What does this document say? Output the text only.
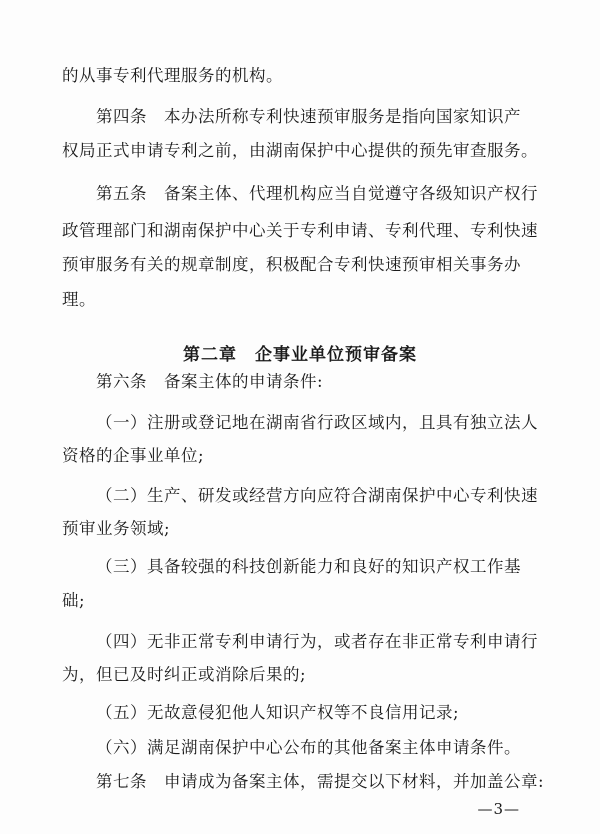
的从事专利代理服务的机构。
第四条　本办法所称专利快速预审服务是指向国家知识产
权局正式申请专利之前，由湖南保护中心提供的预先审查服务。
第五条　备案主体、代理机构应当自觉遵守各级知识产权行
政管理部门和湖南保护中心关于专利申请、专利代理、专利快速
预审服务有关的规章制度，积极配合专利快速预审相关事务办
理。
第二章　企事业单位预审备案
第六条　备案主体的申请条件:
（一）注册或登记地在湖南省行政区域内，且具有独立法人
资格的企事业单位;
（二）生产、研发或经营方向应符合湖南保护中心专利快速
预审业务领域;
（三）具备较强的科技创新能力和良好的知识产权工作基
础;
（四）无非正常专利申请行为，或者存在非正常专利申请行
为，但已及时纠正或消除后果的;
（五）无故意侵犯他人知识产权等不良信用记录;
（六）满足湖南保护中心公布的其他备案主体申请条件。
第七条　申请成为备案主体，需提交以下材料，并加盖公章:
—3—
